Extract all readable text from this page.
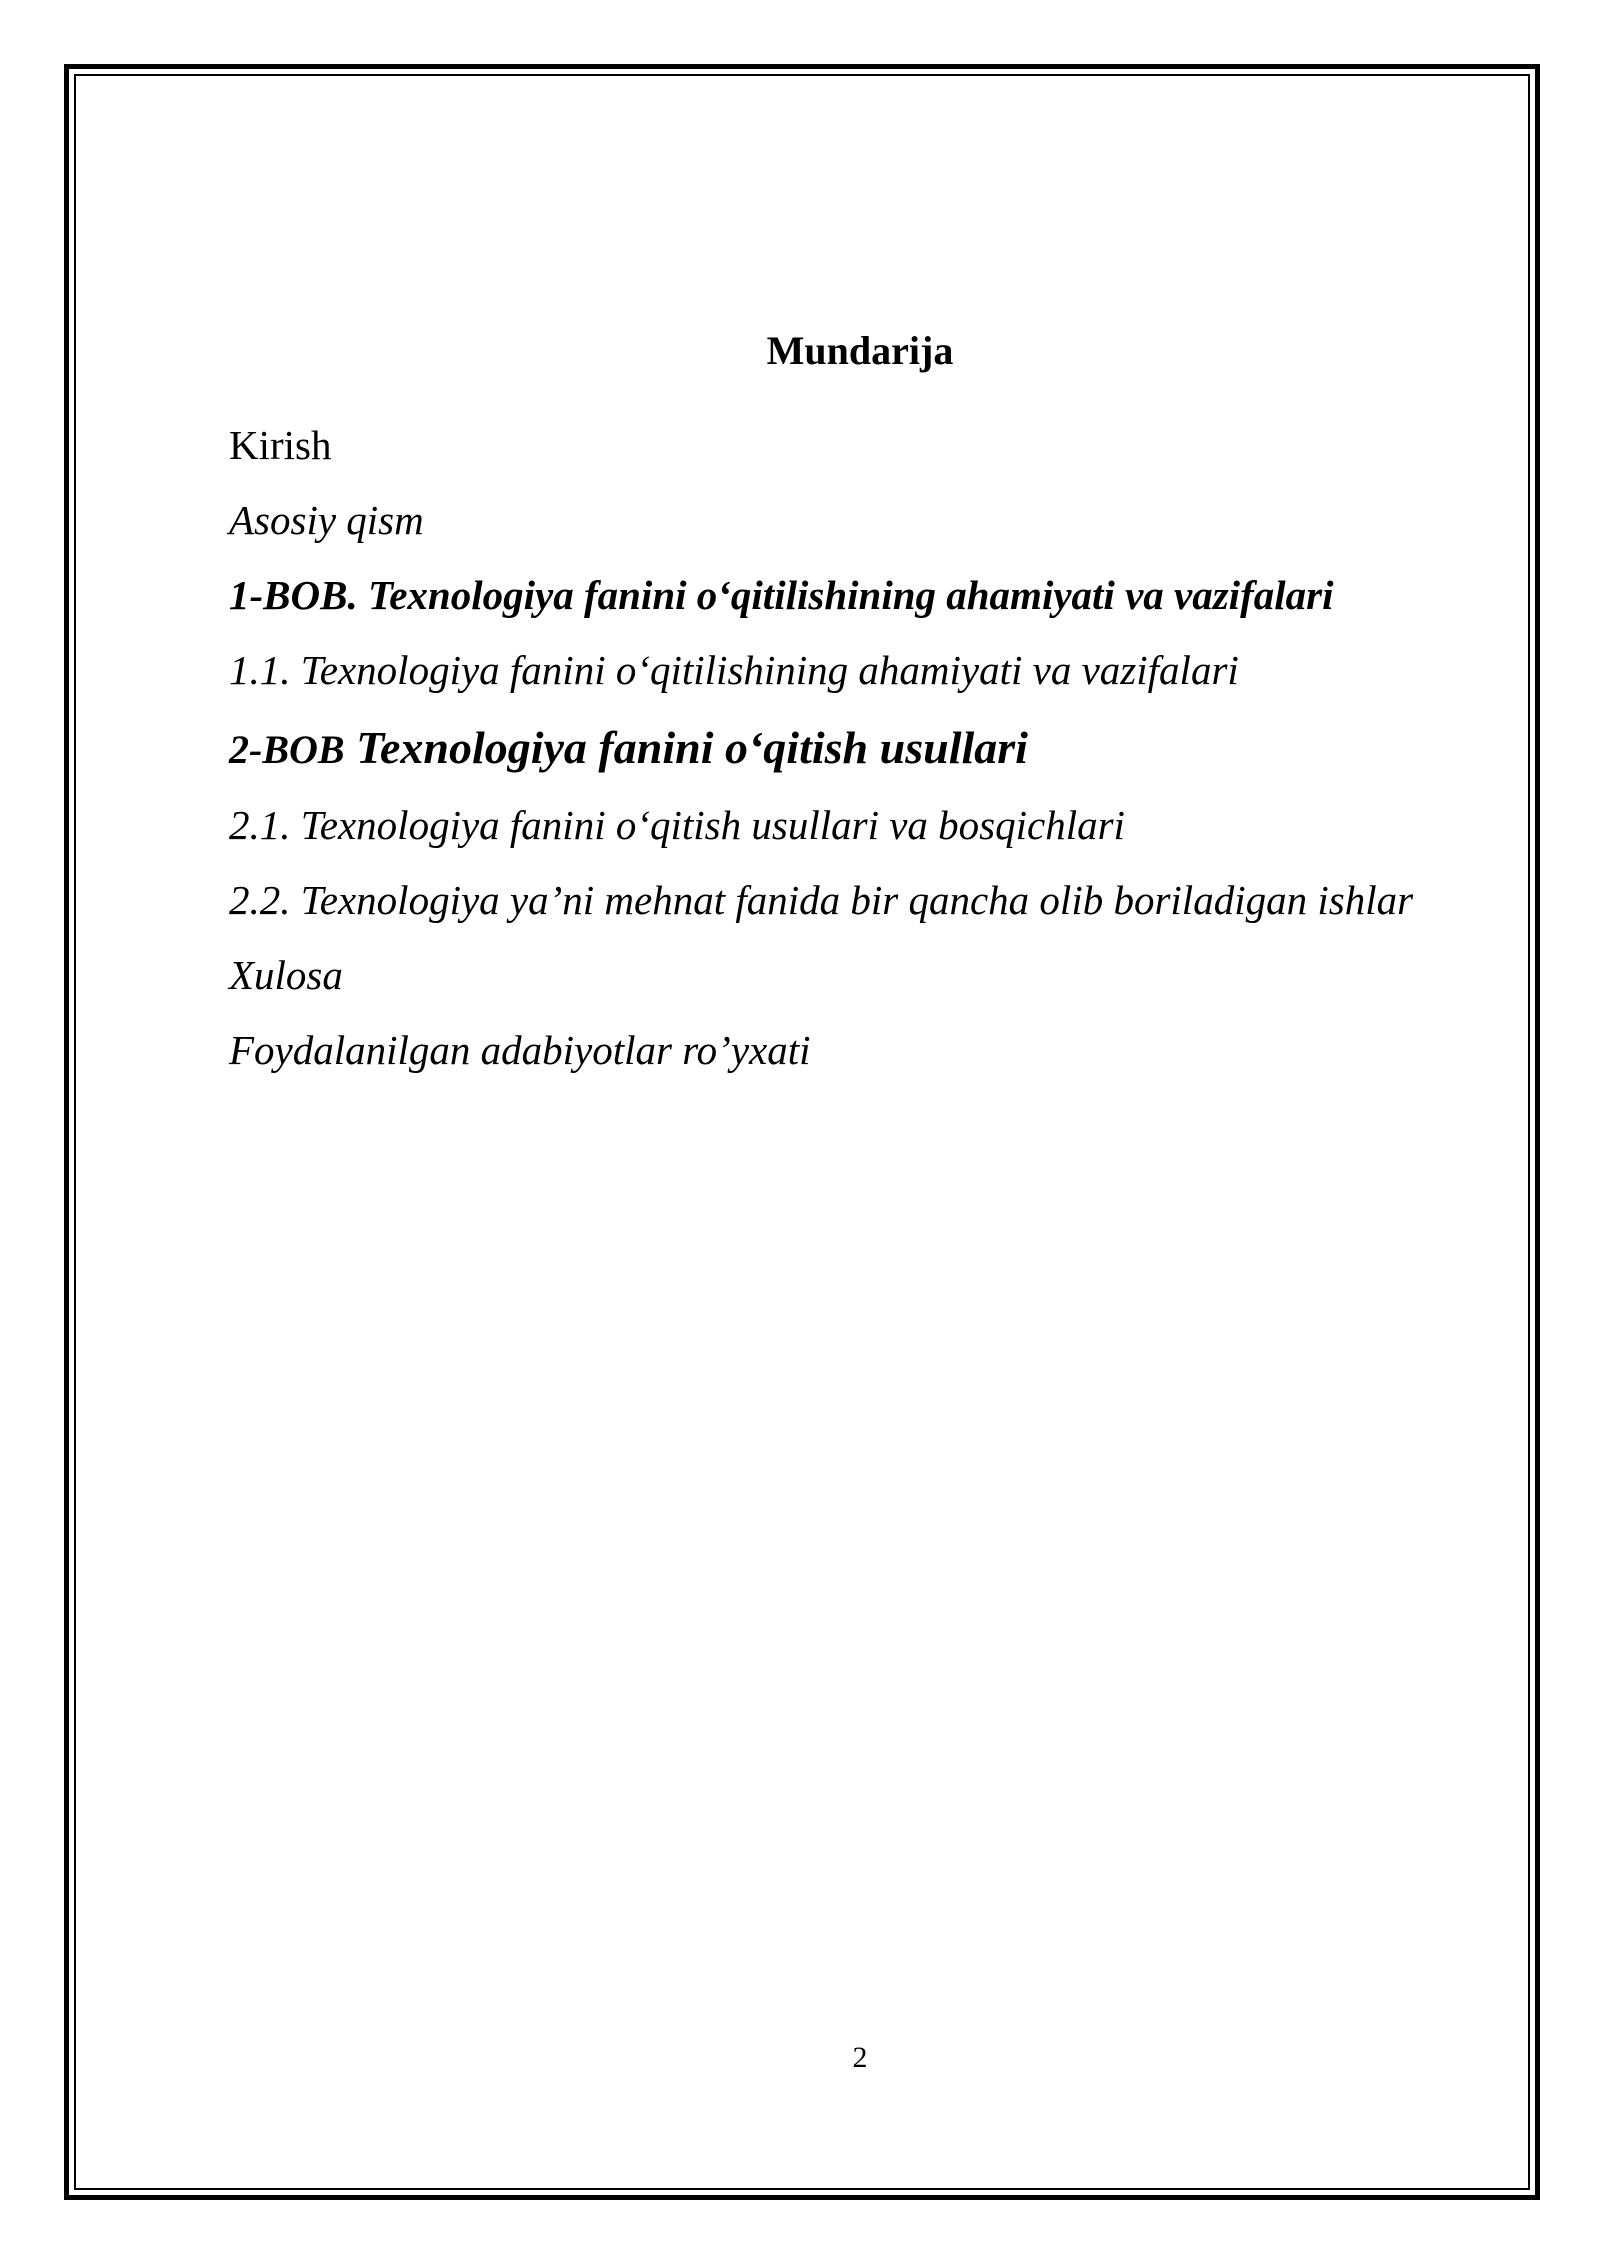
Mundarija
Kirish
Asosiy qism
1-BOB. Texnologiya fanini o‘qitilishining ahamiyati va vazifalari
1.1. Texnologiya fanini o‘qitilishining ahamiyati va vazifalari
2-BOB Texnologiya fanini o‘qitish usullari
2.1. Texnologiya fanini o‘qitish usullari va bosqichlari
2.2. Texnologiya ya’ni mehnat fanida bir qancha olib boriladigan ishlar
Xulosa
Foydalanilgan adabiyotlar ro’yxati
2
